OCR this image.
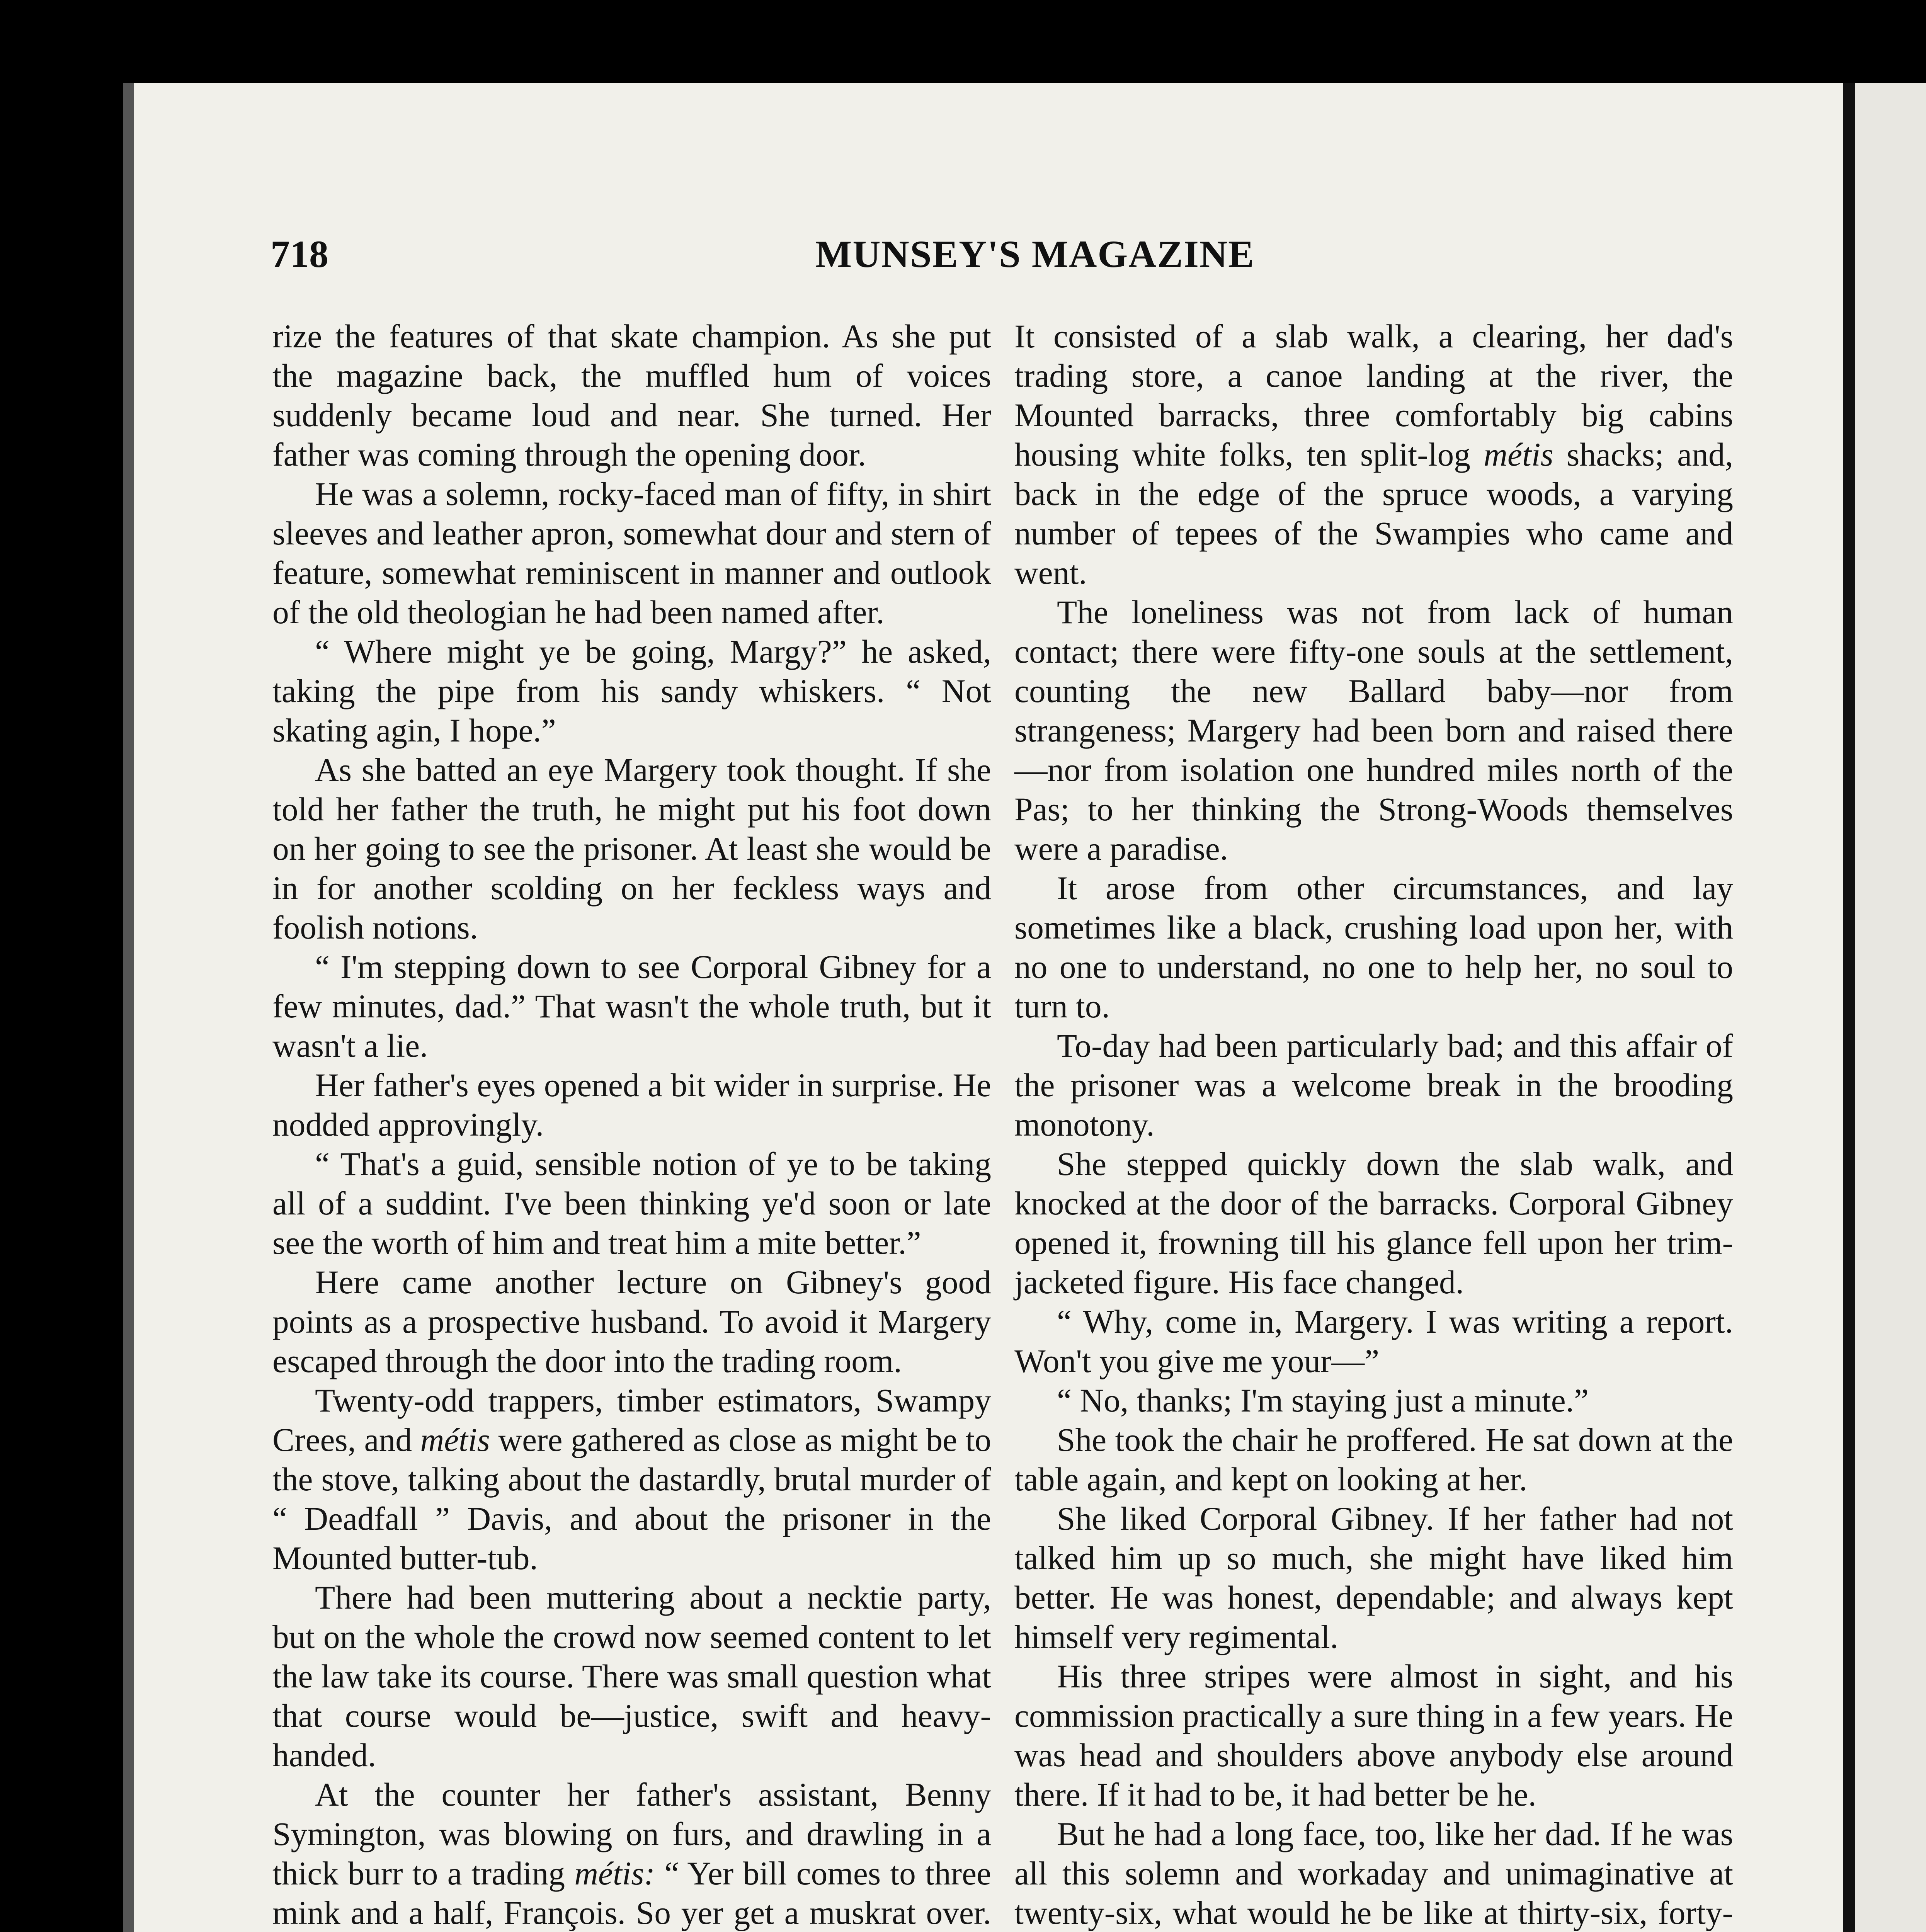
718	MUNSEY'S MAGAZINE

rize the features of that skate champion. As she put the magazine back, the muffled hum of voices suddenly became loud and near. She turned. Her father was coming through the opening door.

He was a solemn, rocky-faced man of fifty, in shirt sleeves and leather apron, somewhat dour and stern of feature, somewhat reminiscent in manner and outlook of the old theologian he had been named after.

“ Where might ye be going, Margy?” he asked, taking the pipe from his sandy whiskers. “ Not skating agin, I hope.”

As she batted an eye Margery took thought. If she told her father the truth, he might put his foot down on her going to see the prisoner. At least she would be in for another scolding on her feckless ways and foolish notions.

“ I'm stepping down to see Corporal Gibney for a few minutes, dad.” That wasn't the whole truth, but it wasn't a lie.

Her father's eyes opened a bit wider in surprise. He nodded approvingly.

“ That's a guid, sensible notion of ye to be taking all of a suddint. I've been thinking ye'd soon or late see the worth of him and treat him a mite better.”

Here came another lecture on Gibney's good points as a prospective husband. To avoid it Margery escaped through the door into the trading room.

Twenty-odd trappers, timber estimators, Swampy Crees, and métis were gathered as close as might be to the stove, talking about the dastardly, brutal murder of “ Deadfall ” Davis, and about the prisoner in the Mounted butter-tub.

There had been muttering about a necktie party, but on the whole the crowd now seemed content to let the law take its course. There was small question what that course would be—justice, swift and heavy-handed.

At the counter her father's assistant, Benny Symington, was blowing on furs, and drawling in a thick burr to a trading métis: “ Yer bill comes to three mink and a half, François. So yer get a muskrat over.

It consisted of a slab walk, a clearing, her dad's trading store, a canoe landing at the river, the Mounted barracks, three comfortably big cabins housing white folks, ten split-log métis shacks; and, back in the edge of the spruce woods, a varying number of tepees of the Swampies who came and went.

The loneliness was not from lack of human contact; there were fifty-one souls at the settlement, counting the new Ballard baby—nor from strangeness; Margery had been born and raised there—nor from isolation one hundred miles north of the Pas; to her thinking the Strong-Woods themselves were a paradise.

It arose from other circumstances, and lay sometimes like a black, crushing load upon her, with no one to understand, no one to help her, no soul to turn to.

To-day had been particularly bad; and this affair of the prisoner was a welcome break in the brooding monotony.

She stepped quickly down the slab walk, and knocked at the door of the barracks. Corporal Gibney opened it, frowning till his glance fell upon her trim-jacketed figure. His face changed.

“ Why, come in, Margery. I was writing a report. Won't you give me your—”

“ No, thanks; I'm staying just a minute.”

She took the chair he proffered. He sat down at the table again, and kept on looking at her.

She liked Corporal Gibney. If her father had not talked him up so much, she might have liked him better. He was honest, dependable; and always kept himself very regimental.

His three stripes were almost in sight, and his commission practically a sure thing in a few years. He was head and shoulders above anybody else around there. If it had to be, it had better be he.

But he had a long face, too, like her dad. If he was all this solemn and workaday and unimaginative at twenty-six, what would he be like at thirty-six, forty-
